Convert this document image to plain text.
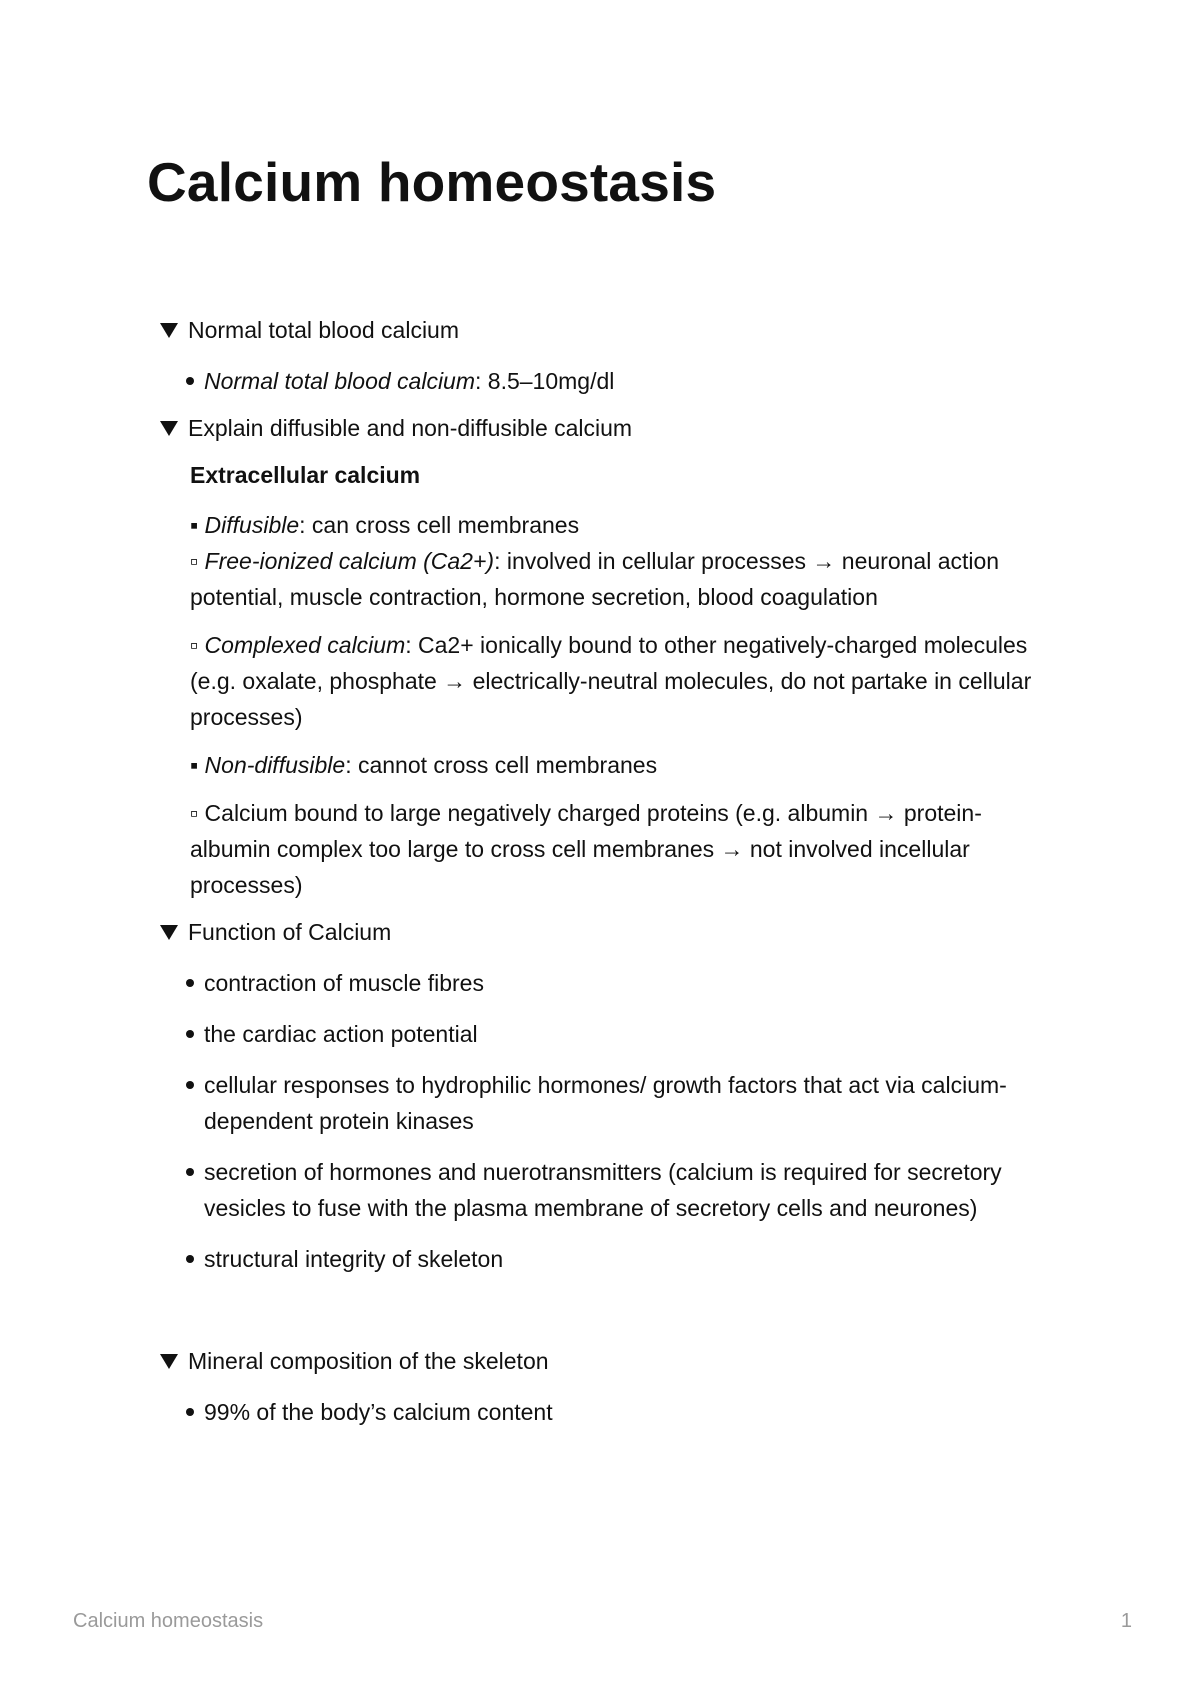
Calcium homeostasis

Normal total blood calcium

Normal total blood calcium: 8.5–10mg/dl

Explain diffusible and non-diffusible calcium

Extracellular calcium

▪ Diffusible: can cross cell membranes

▫ Free-ionized calcium (Ca2+): involved in cellular processes → neuronal action potential, muscle contraction, hormone secretion, blood coagulation

▫ Complexed calcium: Ca2+ ionically bound to other negatively-charged molecules (e.g. oxalate, phosphate → electrically-neutral molecules, do not partake in cellular processes)

▪ Non-diffusible: cannot cross cell membranes

▫ Calcium bound to large negatively charged proteins (e.g. albumin → protein-albumin complex too large to cross cell membranes → not involved incellular processes)

Function of Calcium

contraction of muscle fibres
the cardiac action potential
cellular responses to hydrophilic hormones/ growth factors that act via calcium-dependent protein kinases
secretion of hormones and nuerotransmitters (calcium is required for secretory vesicles to fuse with the plasma membrane of secretory cells and neurones)
structural integrity of skeleton

Mineral composition of the skeleton

99% of the body’s calcium content
Calcium homeostasis	1
